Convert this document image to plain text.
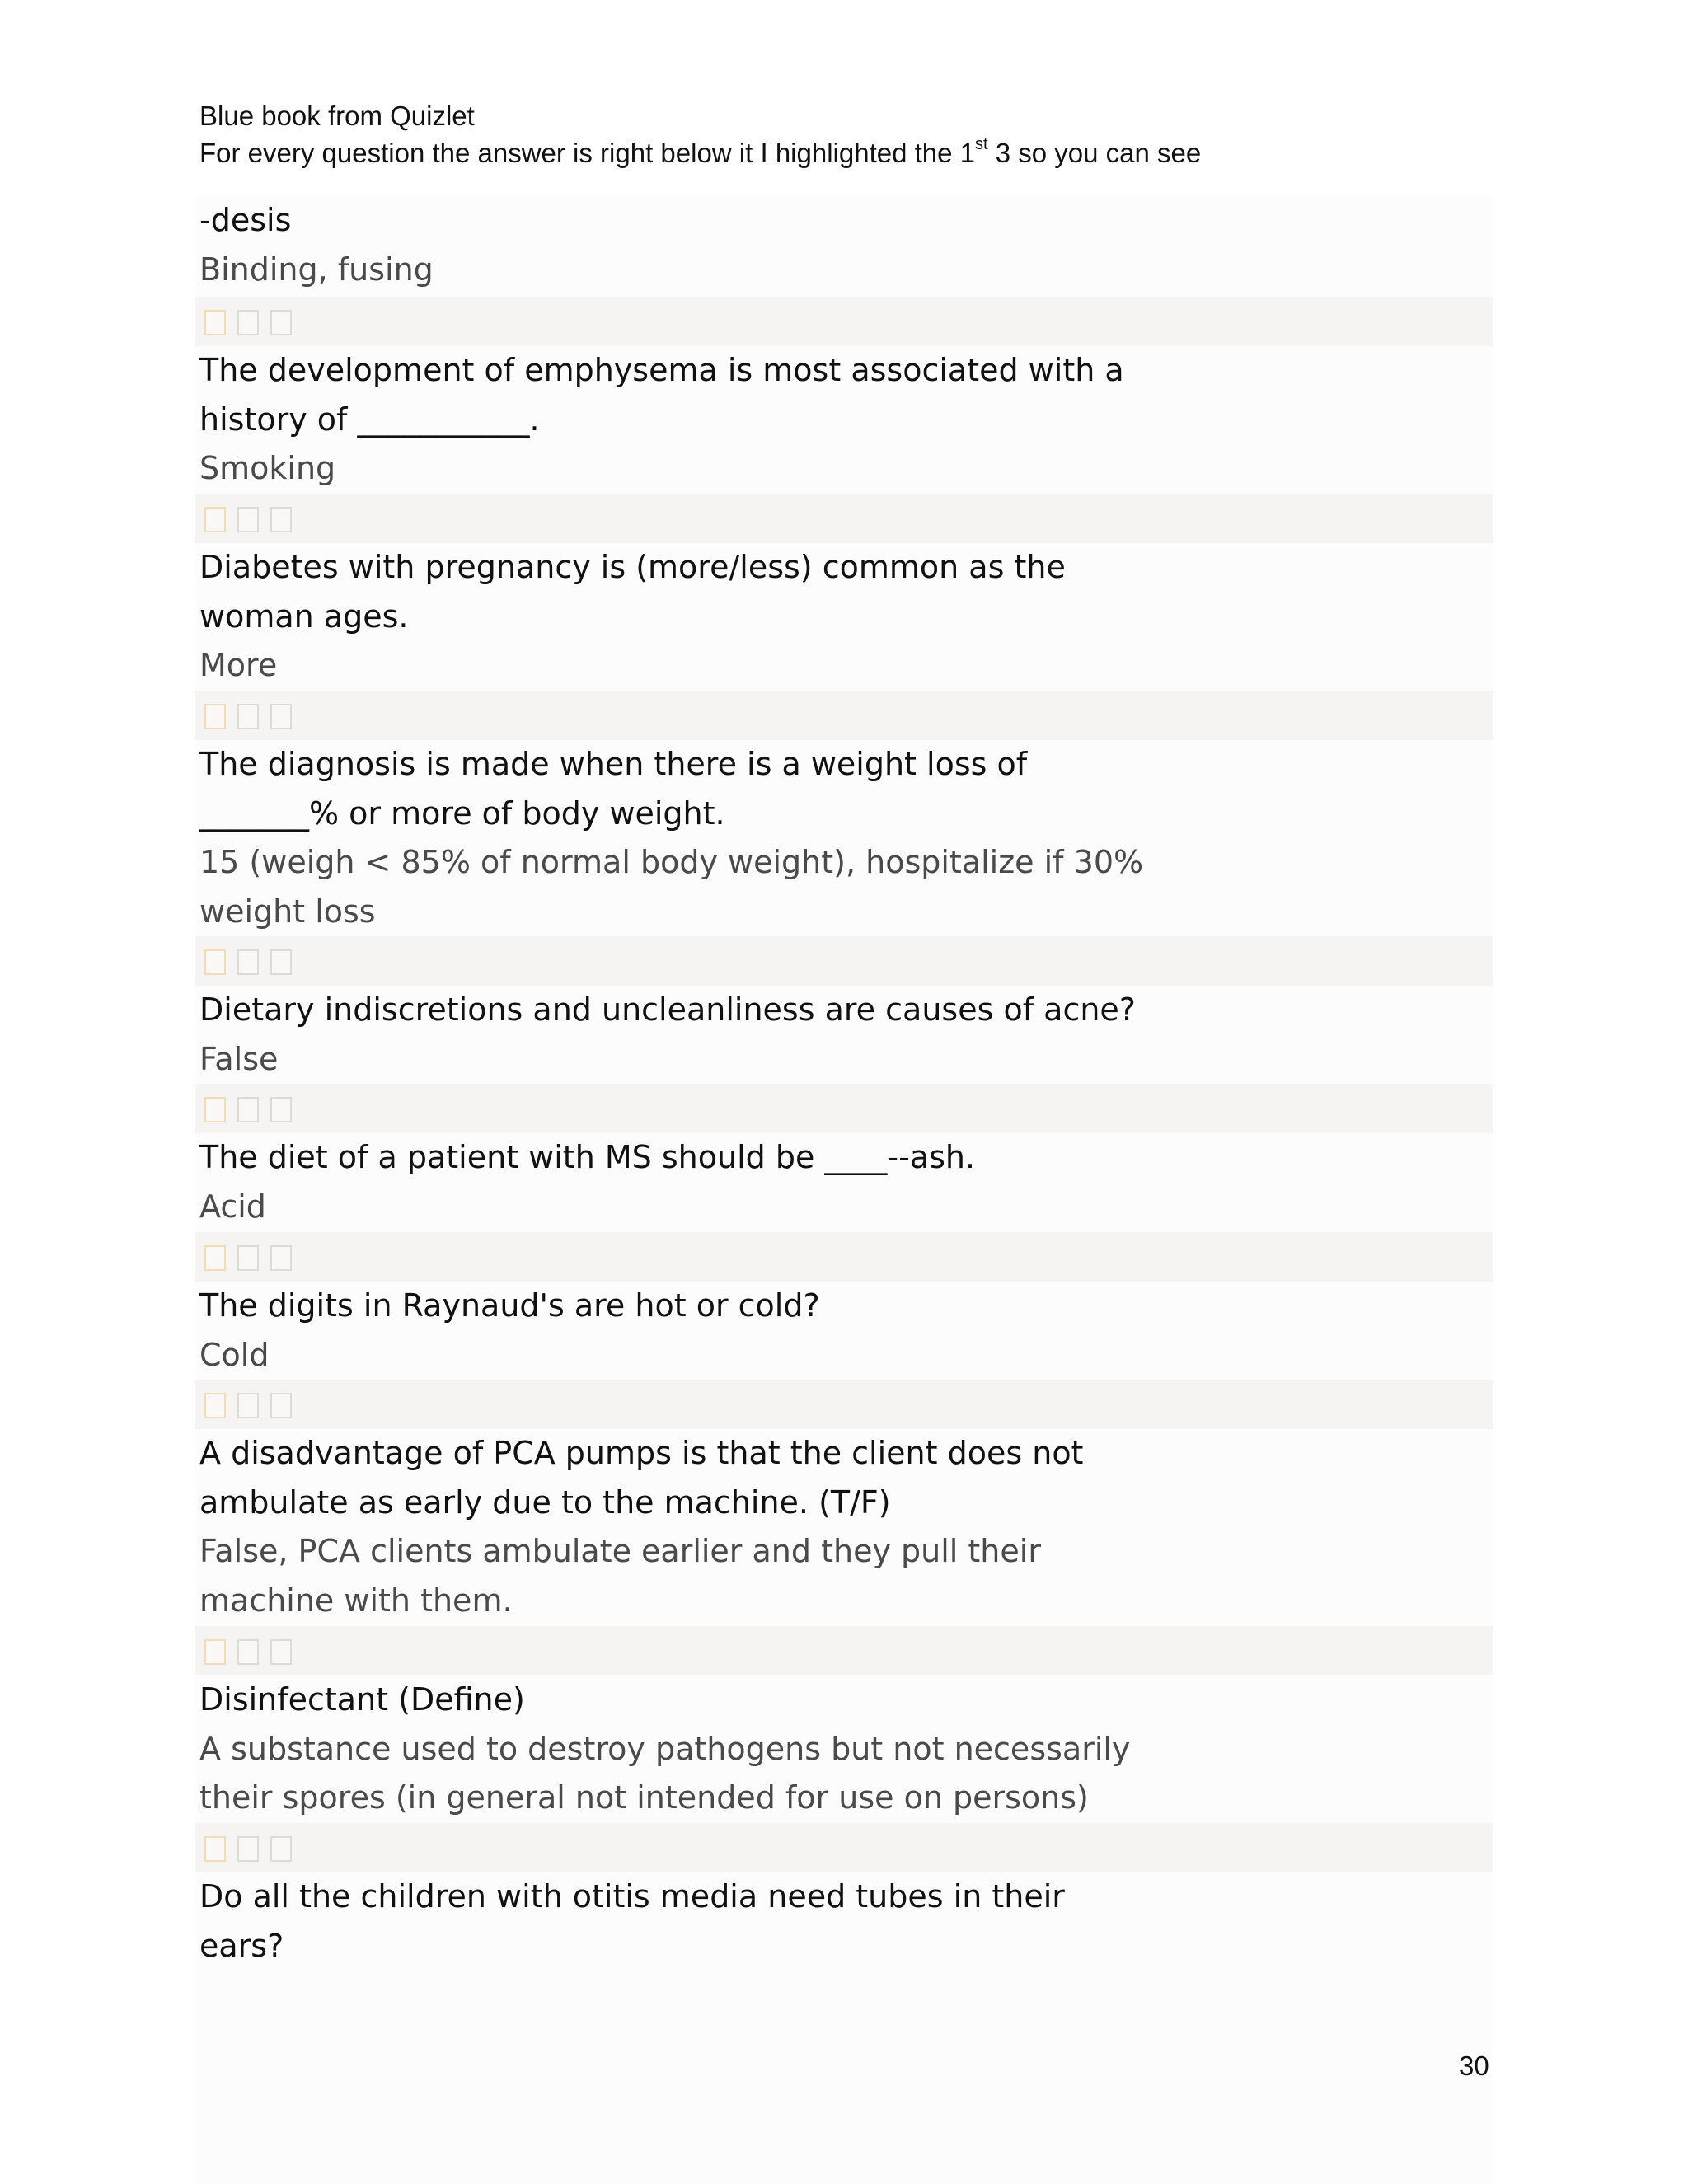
Blue book from Quizlet
For every question the answer is right below it I highlighted the 1st 3 so you can see

-desis

Binding, fusing

The development of emphysema is most associated with a
history of ___________.

Smoking

Diabetes with pregnancy is (more/less) common as the
woman ages.

More

The diagnosis is made when there is a weight loss of
_______% or more of body weight.

15 (weigh < 85% of normal body weight), hospitalize if 30%
weight loss

Dietary indiscretions and uncleanliness are causes of acne?

False

The diet of a patient with MS should be ____--ash.

Acid

The digits in Raynaud's are hot or cold?

Cold

A disadvantage of PCA pumps is that the client does not
ambulate as early due to the machine. (T/F)

False, PCA clients ambulate earlier and they pull their
machine with them.

Disinfectant (Define)

A substance used to destroy pathogens but not necessarily
their spores (in general not intended for use on persons)

Do all the children with otitis media need tubes in their
ears?

30
